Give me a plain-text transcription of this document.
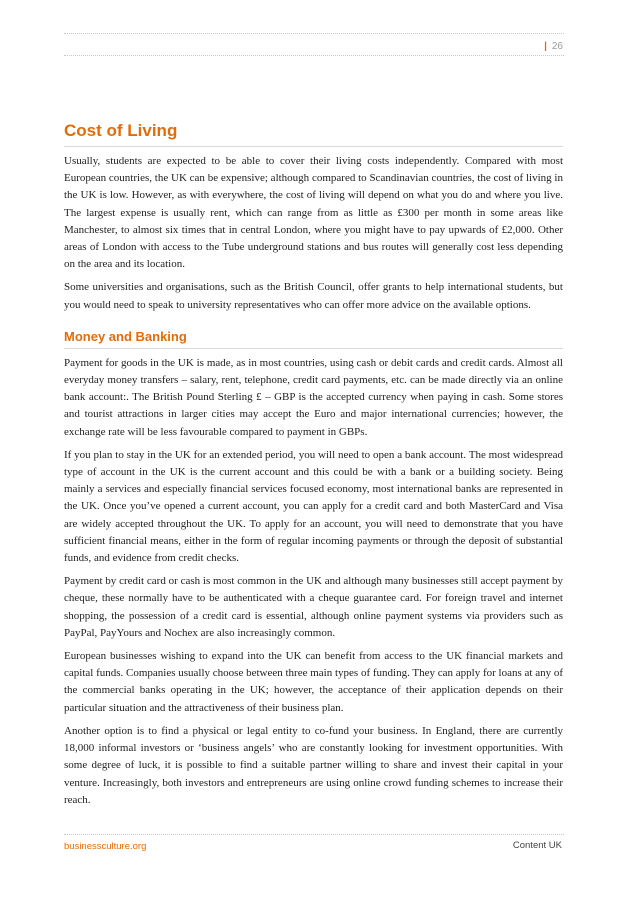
| 26
Cost of Living

Usually, students are expected to be able to cover their living costs independently. Compared with most European countries, the UK can be expensive; although compared to Scandinavian countries, the cost of living in the UK is low. However, as with everywhere, the cost of living will depend on what you do and where you live. The largest expense is usually rent, which can range from as little as £300 per month in some areas like Manchester, to almost six times that in central London, where you might have to pay upwards of £2,000. Other areas of London with access to the Tube underground stations and bus routes will generally cost less depending on the area and its location.

Some universities and organisations, such as the British Council, offer grants to help international students, but you would need to speak to university representatives who can offer more advice on the available options.

Money and Banking

Payment for goods in the UK is made, as in most countries, using cash or debit cards and credit cards. Almost all everyday money transfers – salary, rent, telephone, credit card payments, etc. can be made directly via an online bank account:. The British Pound Sterling £ – GBP is the accepted currency when paying in cash. Some stores and tourist attractions in larger cities may accept the Euro and major international currencies; however, the exchange rate will be less favourable compared to payment in GBPs.

If you plan to stay in the UK for an extended period, you will need to open a bank account. The most widespread type of account in the UK is the current account and this could be with a bank or a building society. Being mainly a services and especially financial services focused economy, most international banks are represented in the UK. Once you’ve opened a current account, you can apply for a credit card and both MasterCard and Visa are widely accepted throughout the UK. To apply for an account, you will need to demonstrate that you have sufficient financial means, either in the form of regular incoming payments or through the deposit of substantial funds, and evidence from credit checks.

Payment by credit card or cash is most common in the UK and although many businesses still accept payment by cheque, these normally have to be authenticated with a cheque guarantee card. For foreign travel and internet shopping, the possession of a credit card is essential, although online payment systems via providers such as PayPal, PayYours and Nochex are also increasingly common.

European businesses wishing to expand into the UK can benefit from access to the UK financial markets and capital funds. Companies usually choose between three main types of funding. They can apply for loans at any of the commercial banks operating in the UK; however, the acceptance of their application depends on their particular situation and the attractiveness of their business plan.

Another option is to find a physical or legal entity to co-fund your business. In England, there are currently 18,000 informal investors or ‘business angels’ who are constantly looking for investment opportunities. With some degree of luck, it is possible to find a suitable partner willing to share and invest their capital in your venture. Increasingly, both investors and entrepreneurs are using online crowd funding schemes to increase their reach.

businessculture.org	Content UK
